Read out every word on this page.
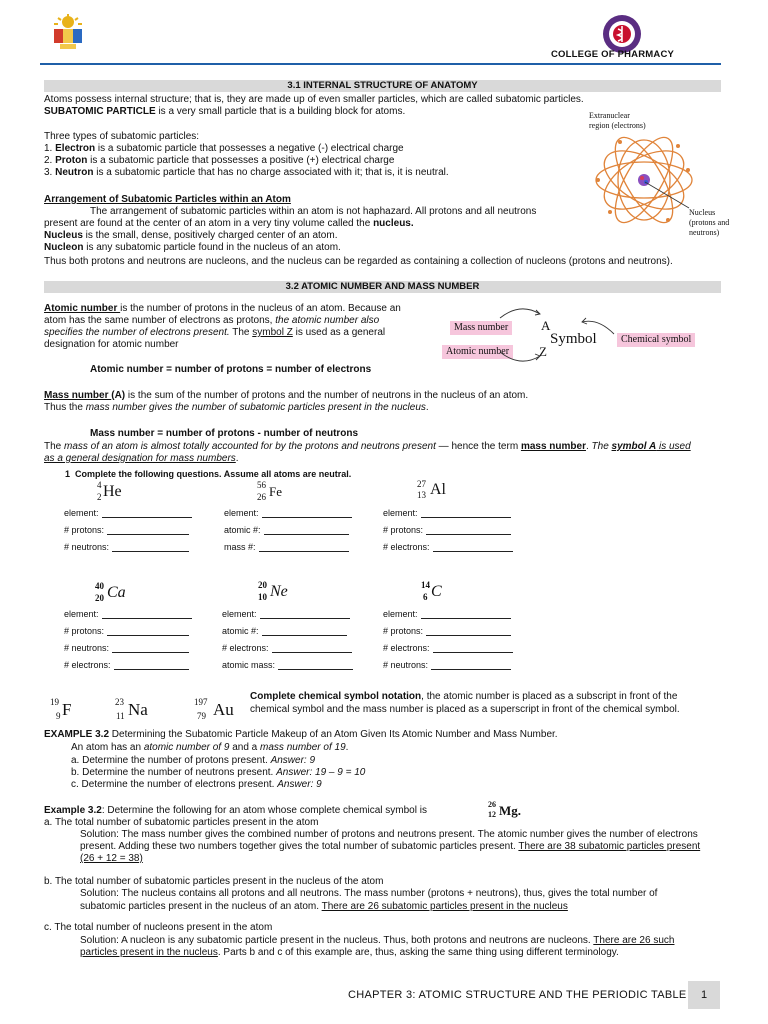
COLLEGE OF PHARMACY
3.1 INTERNAL STRUCTURE OF ANATOMY
Atoms possess internal structure; that is, they are made up of even smaller particles, which are called subatomic particles.
SUBATOMIC PARTICLE is a very small particle that is a building block for atoms.
Three types of subatomic particles:
1. Electron is a subatomic particle that possesses a negative (-) electrical charge
2. Proton is a subatomic particle that possesses a positive (+) electrical charge
3. Neutron is a subatomic particle that has no charge associated with it; that is, it is neutral.
Arrangement of Subatomic Particles within an Atom
The arrangement of subatomic particles within an atom is not haphazard. All protons and all neutrons
present are found at the center of an atom in a very tiny volume called the nucleus.
Nucleus is the small, dense, positively charged center of an atom.
Nucleon is any subatomic particle found in the nucleus of an atom.
Thus both protons and neutrons are nucleons, and the nucleus can be regarded as containing a collection of nucleons (protons and neutrons).
Extranuclear
region (electrons)
Nucleus
(protons and
neutrons)
3.2 ATOMIC NUMBER AND MASS NUMBER
Atomic number is the number of protons in the nucleus of an atom. Because an
atom has the same number of electrons as protons, the atomic number also
specifies the number of electrons present. The symbol Z is used as a general
designation for atomic number
Atomic number = number of protons = number of electrons
Mass number
Atomic number
A
Z
Symbol	Chemical symbol
Mass number (A) is the sum of the number of protons and the number of neutrons in the nucleus of an atom.
Thus the mass number gives the number of subatomic particles present in the nucleus.
Mass number = number of protons - number of neutrons
The mass of an atom is almost totally accounted for by the protons and neutrons present — hence the term mass number. The symbol A is used
as a general designation for mass numbers.
1 Complete the following questions. Assume all atoms are neutral.
4
2 He
element:
# protons:
# neutrons:
56
26 Fe
element:
atomic #:
mass #:
27
13 Al
element:
# protons:
# electrons:
40
20 Ca
element:
# protons:
# neutrons:
# electrons:
20
10 Ne
element:
atomic #:
# electrons:
atomic mass:
14
6 C
element:
# protons:
# electrons:
# neutrons:
19
9 F	23
11 Na	197
79 Au
Complete chemical symbol notation, the atomic number is placed as a subscript in front of the
chemical symbol and the mass number is placed as a superscript in front of the chemical symbol.
EXAMPLE 3.2 Determining the Subatomic Particle Makeup of an Atom Given Its Atomic Number and Mass Number.
An atom has an atomic number of 9 and a mass number of 19.
a. Determine the number of protons present. Answer: 9
b. Determine the number of neutrons present. Answer: 19 – 9 = 10
c. Determine the number of electrons present. Answer: 9
Example 3.2: Determine the following for an atom whose complete chemical symbol is
26
12 Mg.
a. The total number of subatomic particles present in the atom
Solution: The mass number gives the combined number of protons and neutrons present. The atomic number gives the number of electrons
present. Adding these two numbers together gives the total number of subatomic particles present. There are 38 subatomic particles present
(26 + 12 = 38)
b. The total number of subatomic particles present in the nucleus of the atom
Solution: The nucleus contains all protons and all neutrons. The mass number (protons + neutrons), thus, gives the total number of
subatomic particles present in the nucleus of an atom. There are 26 subatomic particles present in the nucleus
c. The total number of nucleons present in the atom
Solution: A nucleon is any subatomic particle present in the nucleus. Thus, both protons and neutrons are nucleons. There are 26 such
particles present in the nucleus. Parts b and c of this example are, thus, asking the same thing using different terminology.
CHAPTER 3: ATOMIC STRUCTURE AND THE PERIODIC TABLE	1
